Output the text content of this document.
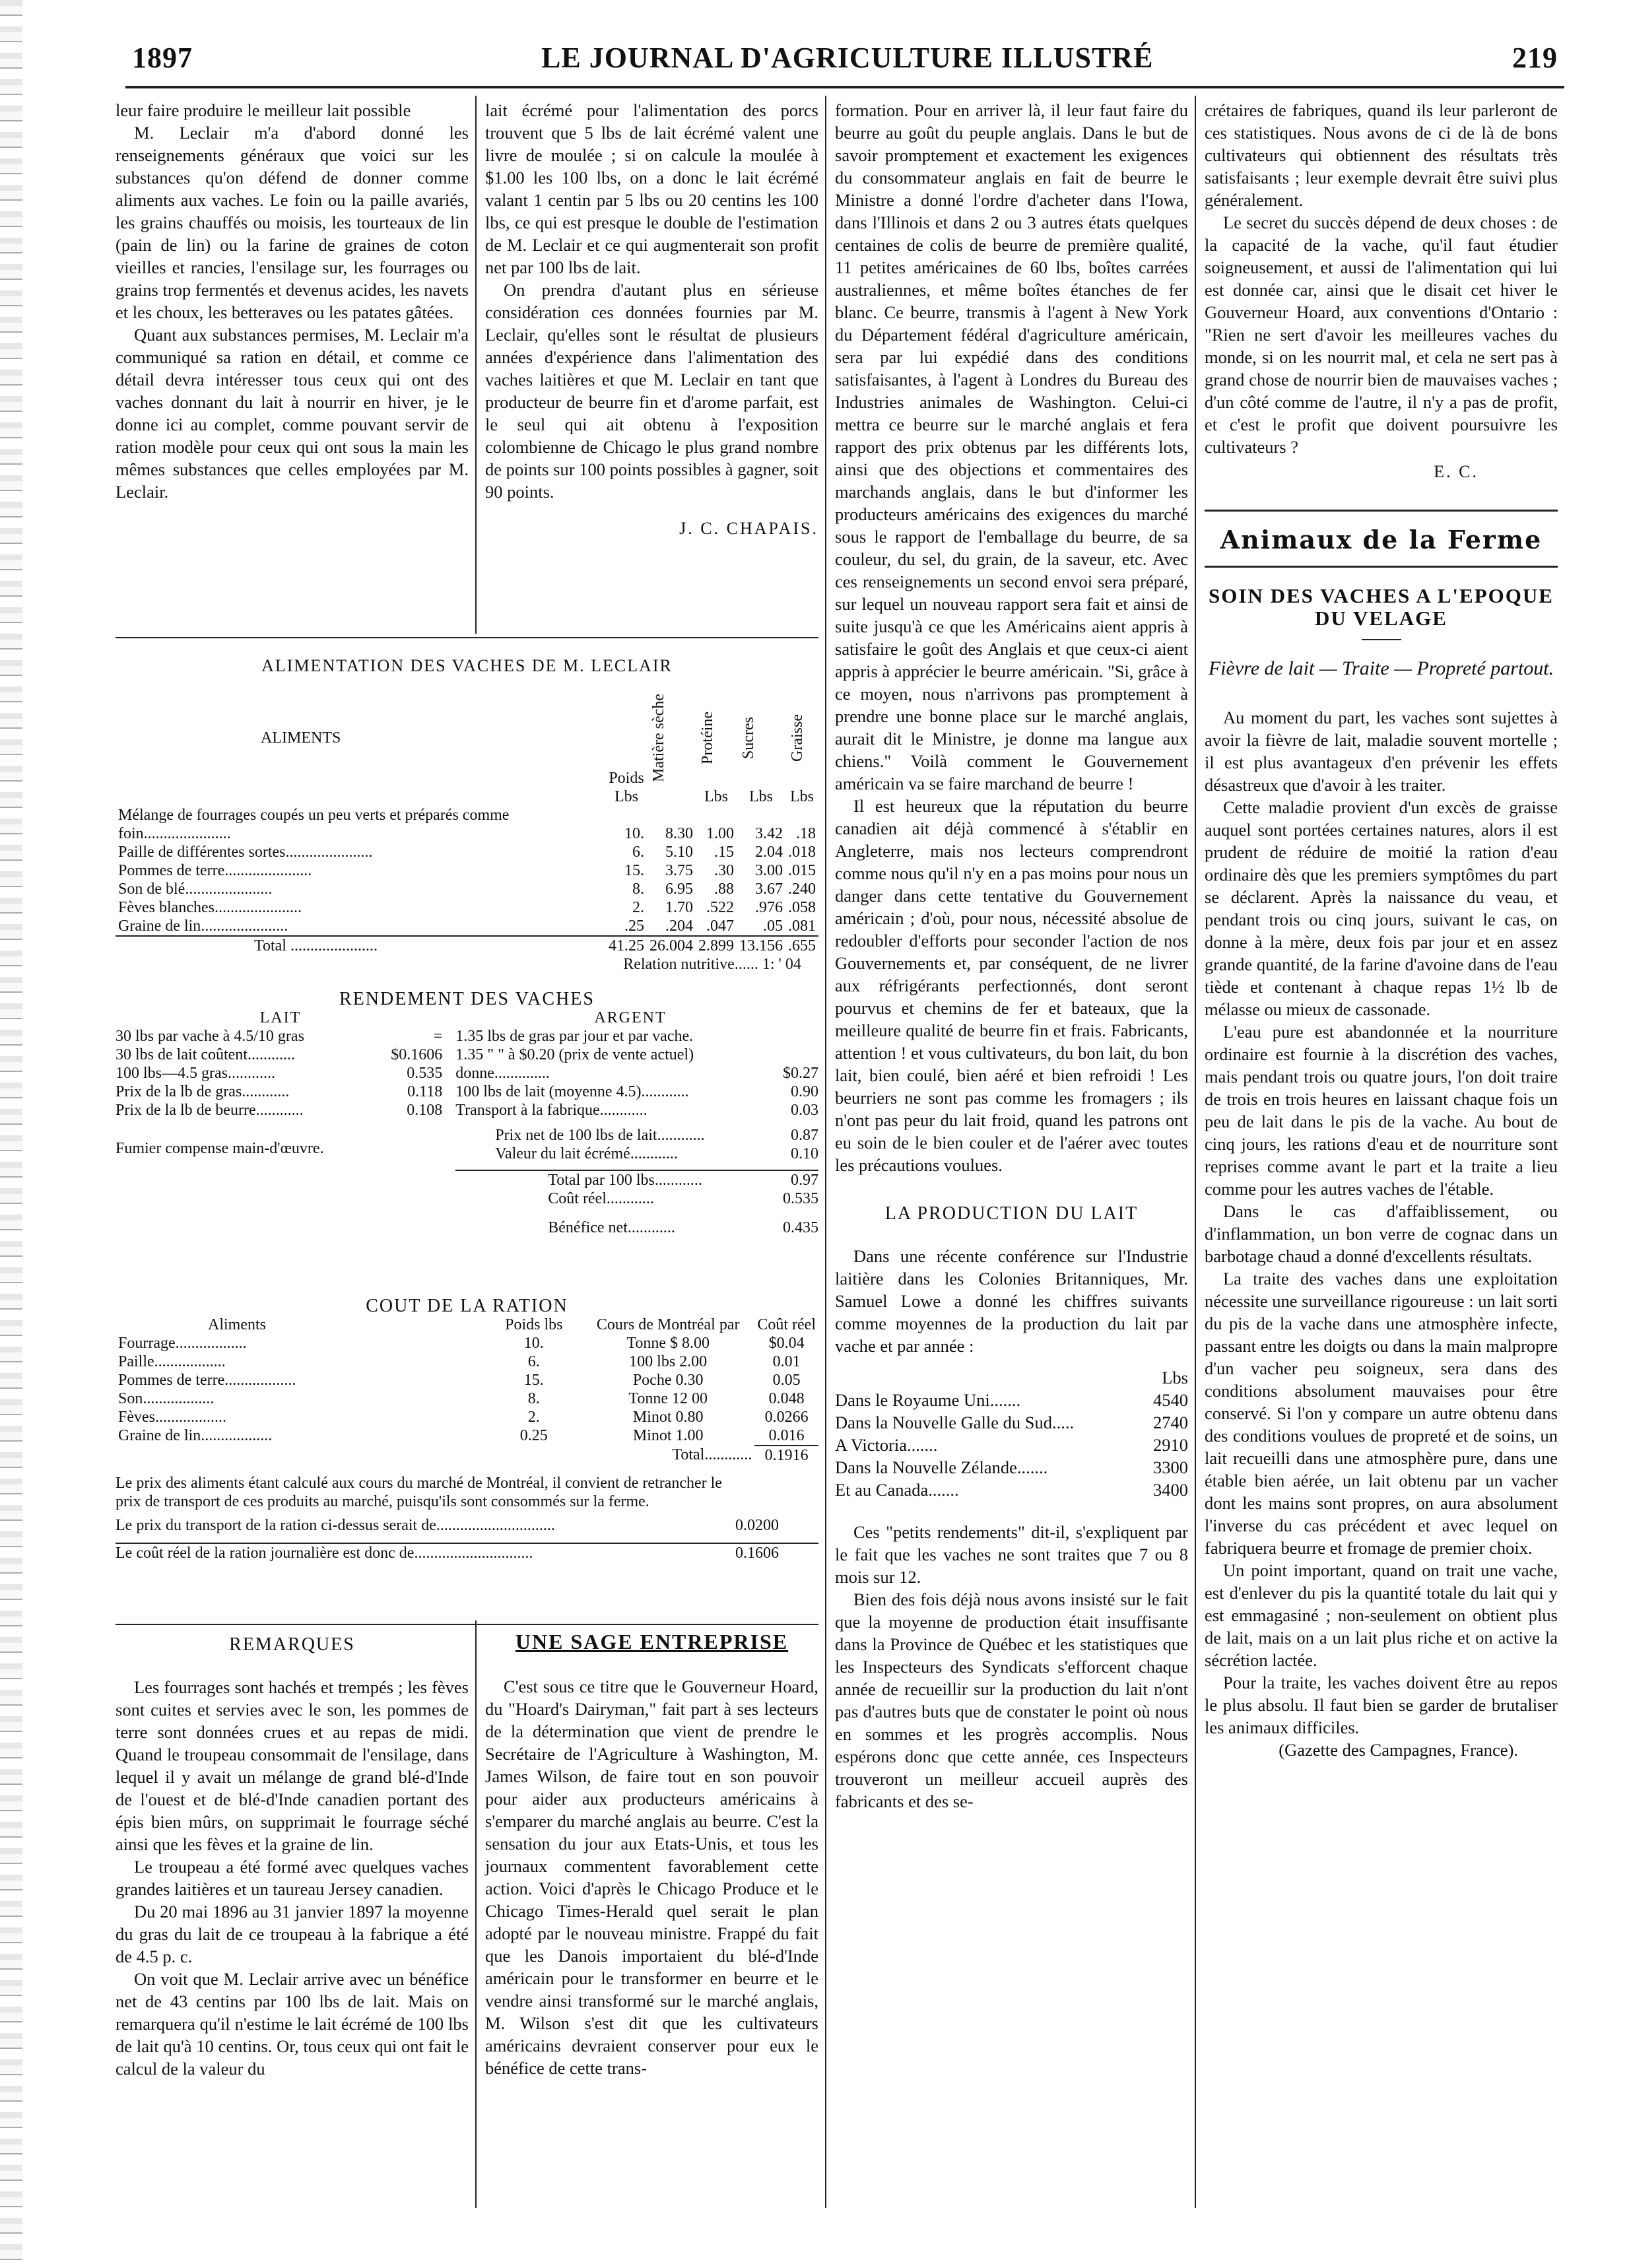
1897	LE JOURNAL D'AGRICULTURE ILLUSTRÉ	219

leur faire produire le meilleur lait possible

M. Leclair m'a d'abord donné les renseignements généraux que voici sur les substances qu'on défend de donner comme aliments aux vaches. Le foin ou la paille avariés, les grains chauffés ou moisis, les tourteaux de lin (pain de lin) ou la farine de graines de coton vieilles et rancies, l'ensilage sur, les fourrages ou grains trop fermentés et devenus acides, les navets et les choux, les betteraves ou les patates gâtées.

Quant aux substances permises, M. Leclair m'a communiqué sa ration en détail, et comme ce détail devra intéresser tous ceux qui ont des vaches donnant du lait à nourrir en hiver, je le donne ici au complet, comme pouvant servir de ration modèle pour ceux qui ont sous la main les mêmes substances que celles employées par M. Leclair.

lait écrémé pour l'alimentation des porcs trouvent que 5 lbs de lait écrémé valent une livre de moulée ; si on calcule la moulée à $1.00 les 100 lbs, on a donc le lait écrémé valant 1 centin par 5 lbs ou 20 centins les 100 lbs, ce qui est presque le double de l'estimation de M. Leclair et ce qui augmenterait son profit net par 100 lbs de lait.

On prendra d'autant plus en sérieuse considération ces données fournies par M. Leclair, qu'elles sont le résultat de plusieurs années d'expérience dans l'alimentation des vaches laitières et que M. Leclair en tant que producteur de beurre fin et d'arome parfait, est le seul qui ait obtenu à l'exposition colombienne de Chicago le plus grand nombre de points sur 100 points possibles à gagner, soit 90 points.

J. C. CHAPAIS.
ALIMENTATION DES VACHES DE M. LECLAIR
ALIMENTS	Poids	Matière sèche	Protéine	Sucres	Graisse

	Lbs		Lbs	Lbs	Lbs
Mélange de fourrages coupés un peu verts et préparés comme foin......................	10.	8.30	1.00	3.42	.18
Paille de différentes sortes......................	6.	5.10	.15	2.04	.018
Pommes de terre......................	15.	3.75	.30	3.00	.015
Son de blé......................	8.	6.95	.88	3.67	.240
Fèves blanches......................	2.	1.70	.522	.976	.058
Graine de lin......................	.25	.204	.047	.05	.081
Total ......................	41.25	26.004	2.899	13.156	.655
	Relation nutritive...... 1: ' 04				
RENDEMENT DES VACHES
LAIT	ARGENT
30 lbs par vache à 4.5/10 gras	=
30 lbs de lait coûtent............	$0.1606
100 lbs—4.5 gras............	0.535
Prix de la lb de gras............	0.118
Prix de la lb de beurre............	0.108
Fumier compense main-d'œuvre.
1.35 lbs de gras par jour et par vache.
1.35 " " à $0.20 (prix de vente actuel) donne..............	$0.27
100 lbs de lait (moyenne 4.5)............	0.90
Transport à la fabrique............	0.03
Prix net de 100 lbs de lait............	0.87
Valeur du lait écrémé............	0.10
Total par 100 lbs............	0.97
Coût réel............	0.535
Bénéfice net............	0.435
COUT DE LA RATION
Aliments	Poids lbs	Cours de Montréal par	Coût réel
Fourrage..................	10.	Tonne $ 8.00	$0.04
Paille..................	6.	100 lbs 2.00	0.01
Pommes de terre..................	15.	Poche 0.30	0.05
Son..................	8.	Tonne 12 00	0.048
Fèves..................	2.	Minot 0.80	0.0266
Graine de lin..................	0.25	Minot 1.00	0.016
		Total............	0.1916
Le prix des aliments étant calculé aux cours du marché de Montréal, il convient de retrancher le prix de transport de ces produits au marché, puisqu'ils sont consommés sur la ferme.
Le prix du transport de la ration ci-dessus serait de..............................	0.0200
Le coût réel de la ration journalière est donc de..............................	0.1606
REMARQUES

Les fourrages sont hachés et trempés ; les fèves sont cuites et servies avec le son, les pommes de terre sont données crues et au repas de midi. Quand le troupeau consommait de l'ensilage, dans lequel il y avait un mélange de grand blé-d'Inde de l'ouest et de blé-d'Inde canadien portant des épis bien mûrs, on supprimait le fourrage séché ainsi que les fèves et la graine de lin.

Le troupeau a été formé avec quelques vaches grandes laitières et un taureau Jersey canadien.

Du 20 mai 1896 au 31 janvier 1897 la moyenne du gras du lait de ce troupeau à la fabrique a été de 4.5 p. c.

On voit que M. Leclair arrive avec un bénéfice net de 43 centins par 100 lbs de lait. Mais on remarquera qu'il n'estime le lait écrémé de 100 lbs de lait qu'à 10 centins. Or, tous ceux qui ont fait le calcul de la valeur du

UNE SAGE ENTREPRISE

C'est sous ce titre que le Gouverneur Hoard, du "Hoard's Dairyman," fait part à ses lecteurs de la détermination que vient de prendre le Secrétaire de l'Agriculture à Washington, M. James Wilson, de faire tout en son pouvoir pour aider aux producteurs américains à s'emparer du marché anglais au beurre. C'est la sensation du jour aux Etats-Unis, et tous les journaux commentent favorablement cette action. Voici d'après le Chicago Produce et le Chicago Times-Herald quel serait le plan adopté par le nouveau ministre. Frappé du fait que les Danois importaient du blé-d'Inde américain pour le transformer en beurre et le vendre ainsi transformé sur le marché anglais, M. Wilson s'est dit que les cultivateurs américains devraient conserver pour eux le bénéfice de cette trans-

formation. Pour en arriver là, il leur faut faire du beurre au goût du peuple anglais. Dans le but de savoir promptement et exactement les exigences du consommateur anglais en fait de beurre le Ministre a donné l'ordre d'acheter dans l'Iowa, dans l'Illinois et dans 2 ou 3 autres états quelques centaines de colis de beurre de première qualité, 11 petites américaines de 60 lbs, boîtes carrées australiennes, et même boîtes étanches de fer blanc. Ce beurre, transmis à l'agent à New York du Département fédéral d'agriculture américain, sera par lui expédié dans des conditions satisfaisantes, à l'agent à Londres du Bureau des Industries animales de Washington. Celui-ci mettra ce beurre sur le marché anglais et fera rapport des prix obtenus par les différents lots, ainsi que des objections et commentaires des marchands anglais, dans le but d'informer les producteurs américains des exigences du marché sous le rapport de l'emballage du beurre, de sa couleur, du sel, du grain, de la saveur, etc. Avec ces renseignements un second envoi sera préparé, sur lequel un nouveau rapport sera fait et ainsi de suite jusqu'à ce que les Américains aient appris à satisfaire le goût des Anglais et que ceux-ci aient appris à apprécier le beurre américain. "Si, grâce à ce moyen, nous n'arrivons pas promptement à prendre une bonne place sur le marché anglais, aurait dit le Ministre, je donne ma langue aux chiens." Voilà comment le Gouvernement américain va se faire marchand de beurre !

Il est heureux que la réputation du beurre canadien ait déjà commencé à s'établir en Angleterre, mais nos lecteurs comprendront comme nous qu'il n'y en a pas moins pour nous un danger dans cette tentative du Gouvernement américain ; d'où, pour nous, nécessité absolue de redoubler d'efforts pour seconder l'action de nos Gouvernements et, par conséquent, de ne livrer aux réfrigérants perfectionnés, dont seront pourvus et chemins de fer et bateaux, que la meilleure qualité de beurre fin et frais. Fabricants, attention ! et vous cultivateurs, du bon lait, du bon lait, bien coulé, bien aéré et bien refroidi ! Les beurriers ne sont pas comme les fromagers ; ils n'ont pas peur du lait froid, quand les patrons ont eu soin de le bien couler et de l'aérer avec toutes les précautions voulues.

LA PRODUCTION DU LAIT

Dans une récente conférence sur l'Industrie laitière dans les Colonies Britanniques, Mr. Samuel Lowe a donné les chiffres suivants comme moyennes de la production du lait par vache et par année :

Lbs
Dans le Royaume Uni.......	4540
Dans la Nouvelle Galle du Sud.....	2740
A Victoria.......	2910
Dans la Nouvelle Zélande.......	3300
Et au Canada.......	3400

Ces "petits rendements" dit-il, s'expliquent par le fait que les vaches ne sont traites que 7 ou 8 mois sur 12.

Bien des fois déjà nous avons insisté sur le fait que la moyenne de production était insuffisante dans la Province de Québec et les statistiques que les Inspecteurs des Syndicats s'efforcent chaque année de recueillir sur la production du lait n'ont pas d'autres buts que de constater le point où nous en sommes et les progrès accomplis. Nous espérons donc que cette année, ces Inspecteurs trouveront un meilleur accueil auprès des fabricants et des se-

crétaires de fabriques, quand ils leur parleront de ces statistiques. Nous avons de ci de là de bons cultivateurs qui obtiennent des résultats très satisfaisants ; leur exemple devrait être suivi plus généralement.

Le secret du succès dépend de deux choses : de la capacité de la vache, qu'il faut étudier soigneusement, et aussi de l'alimentation qui lui est donnée car, ainsi que le disait cet hiver le Gouverneur Hoard, aux conventions d'Ontario : "Rien ne sert d'avoir les meilleures vaches du monde, si on les nourrit mal, et cela ne sert pas à grand chose de nourrir bien de mauvaises vaches ; d'un côté comme de l'autre, il n'y a pas de profit, et c'est le profit que doivent poursuivre les cultivateurs ?

E. C.
Animaux de la Ferme
SOIN DES VACHES A L'EPOQUE DU VELAGE
Fièvre de lait — Traite — Propreté partout.

Au moment du part, les vaches sont sujettes à avoir la fièvre de lait, maladie souvent mortelle ; il est plus avantageux d'en prévenir les effets désastreux que d'avoir à les traiter.

Cette maladie provient d'un excès de graisse auquel sont portées certaines natures, alors il est prudent de réduire de moitié la ration d'eau ordinaire dès que les premiers symptômes du part se déclarent. Après la naissance du veau, et pendant trois ou cinq jours, suivant le cas, on donne à la mère, deux fois par jour et en assez grande quantité, de la farine d'avoine dans de l'eau tiède et contenant à chaque repas 1½ lb de mélasse ou mieux de cassonade.

L'eau pure est abandonnée et la nourriture ordinaire est fournie à la discrétion des vaches, mais pendant trois ou quatre jours, l'on doit traire de trois en trois heures en laissant chaque fois un peu de lait dans le pis de la vache. Au bout de cinq jours, les rations d'eau et de nourriture sont reprises comme avant le part et la traite a lieu comme pour les autres vaches de l'étable.

Dans le cas d'affaiblissement, ou d'inflammation, un bon verre de cognac dans un barbotage chaud a donné d'excellents résultats.

La traite des vaches dans une exploitation nécessite une surveillance rigoureuse : un lait sorti du pis de la vache dans une atmosphère infecte, passant entre les doigts ou dans la main malpropre d'un vacher peu soigneux, sera dans des conditions absolument mauvaises pour être conservé. Si l'on y compare un autre obtenu dans des conditions voulues de propreté et de soins, un lait recueilli dans une atmosphère pure, dans une étable bien aérée, un lait obtenu par un vacher dont les mains sont propres, on aura absolument l'inverse du cas précédent et avec lequel on fabriquera beurre et fromage de premier choix.

Un point important, quand on trait une vache, est d'enlever du pis la quantité totale du lait qui y est emmagasiné ; non-seulement on obtient plus de lait, mais on a un lait plus riche et on active la sécrétion lactée.

Pour la traite, les vaches doivent être au repos le plus absolu. Il faut bien se garder de brutaliser les animaux difficiles.

(Gazette des Campagnes, France).
